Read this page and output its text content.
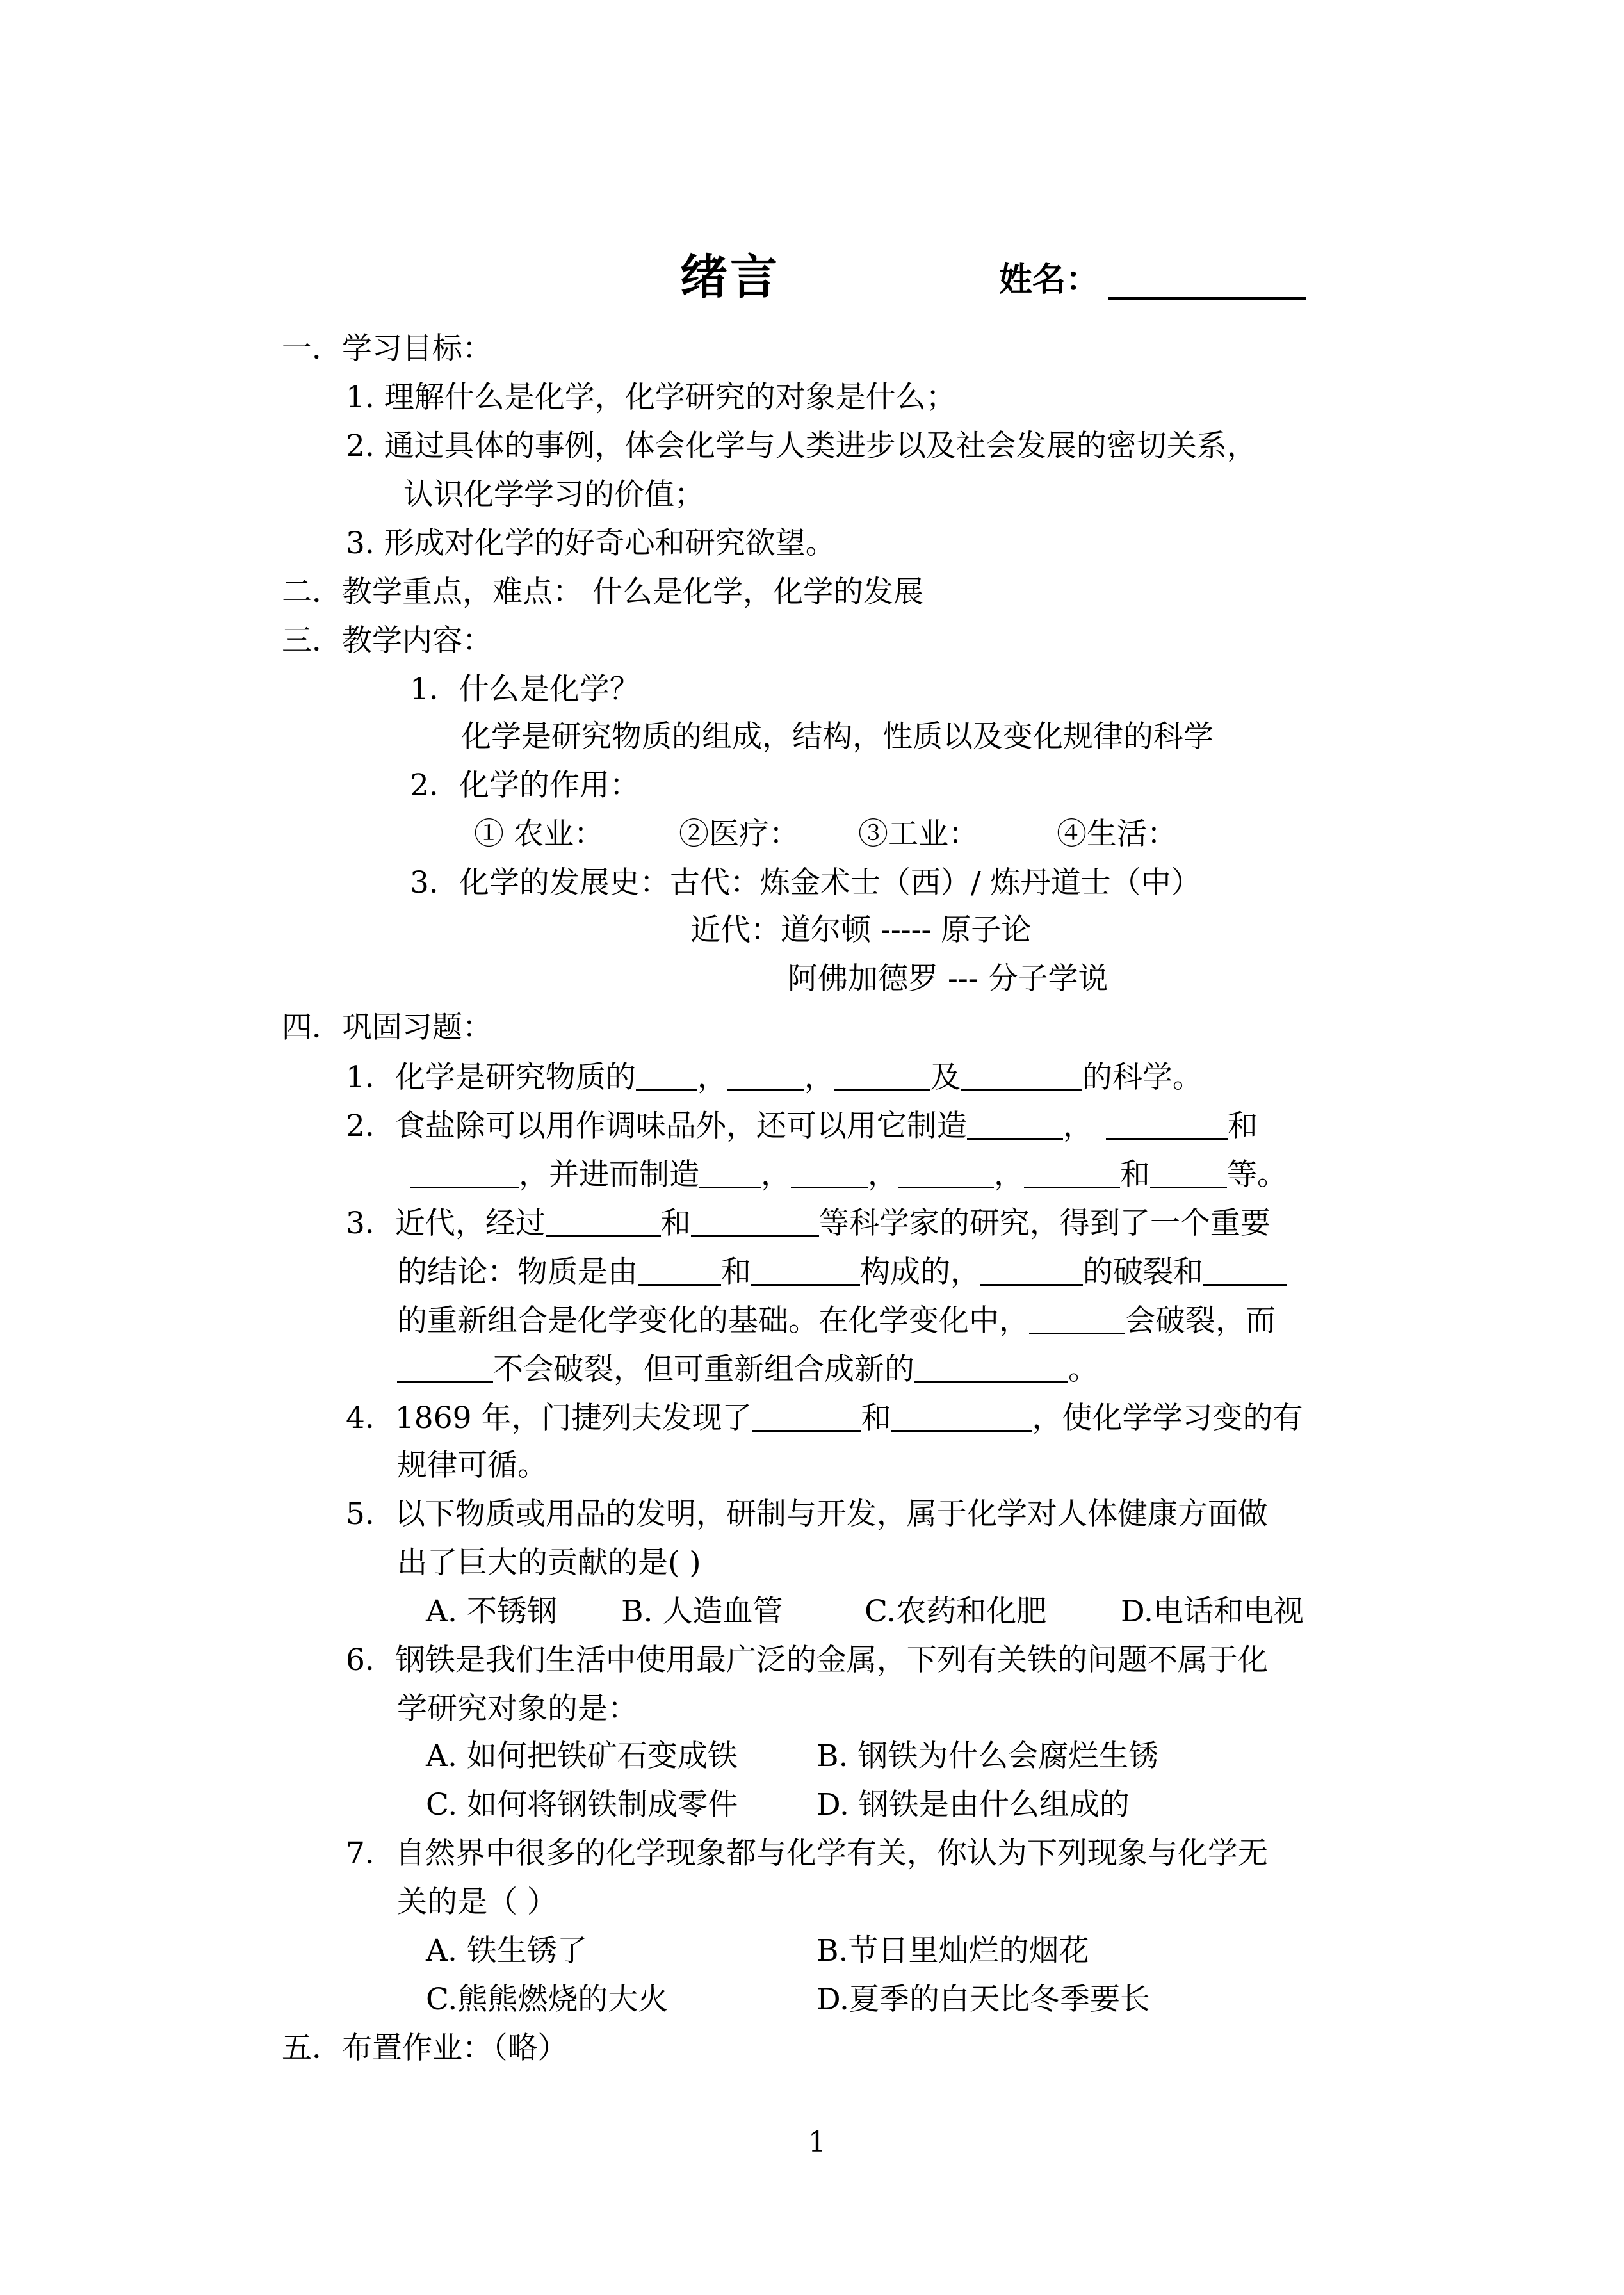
绪言	姓名：
一．学习目标：
1. 理解什么是化学，化学研究的对象是什么；
2. 通过具体的事例，体会化学与人类进步以及社会发展的密切关系，
认识化学学习的价值；
3. 形成对化学的好奇心和研究欲望。
二．教学重点，难点： 什么是化学，化学的发展
三．教学内容：
1．什么是化学？
化学是研究物质的组成，结构，性质以及变化规律的科学
2．化学的作用：
① 农业： ②医疗： ③工业：	④生活：
3．化学的发展史：古代：炼金术士（西）/ 炼丹道士（中）
近代：道尔顿 ----- 原子论
阿佛加德罗 --- 分子学说
四．巩固习题：
1．化学是研究物质的 ，	，	及	的科学。
2．食盐除可以用作调味品外，还可以用它制造	，	和
，并进而制造 ，	，	，	和	等。
3．近代，经过	和	等科学家的研究，得到了一个重要
的结论：物质是由	和	构成的，	的破裂和
的重新组合是化学变化的基础。在化学变化中，	会破裂，而
不会破裂，但可重新组合成新的	。
4．1869 年，门捷列夫发现了	和	，使化学学习变的有
规律可循。
5．以下物质或用品的发明，研制与开发，属于化学对人体健康方面做
出了巨大的贡献的是( )
A. 不锈钢 B. 人造血管	C.农药和化肥 D.电话和电视
6．钢铁是我们生活中使用最广泛的金属，下列有关铁的问题不属于化
学研究对象的是：
A. 如何把铁矿石变成铁	B. 钢铁为什么会腐烂生锈
C. 如何将钢铁制成零件	D. 钢铁是由什么组成的
7．自然界中很多的化学现象都与化学有关，你认为下列现象与化学无
关的是（ ）
A. 铁生锈了	B.节日里灿烂的烟花
C.熊熊燃烧的大火	D.夏季的白天比冬季要长
五．布置作业：（略）
1
